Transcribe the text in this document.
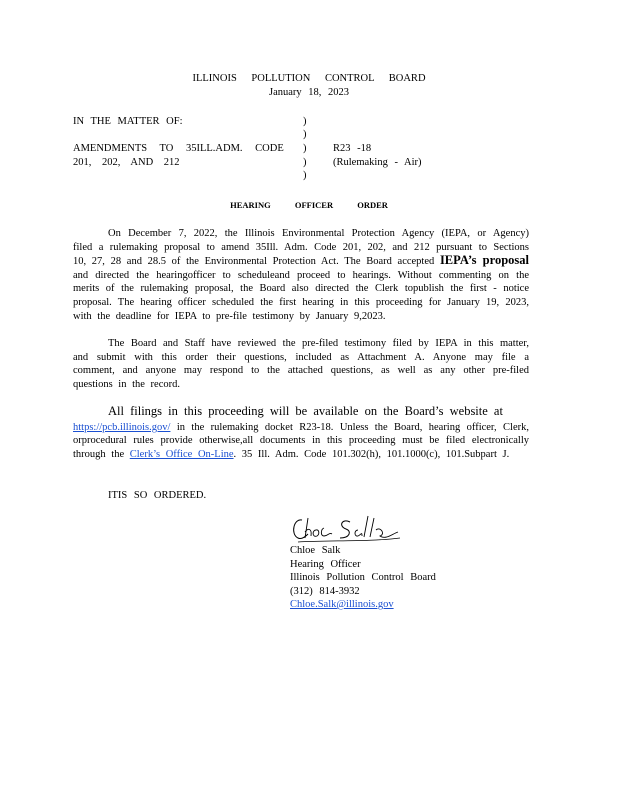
ILLINOIS POLLUTION CONTROL BOARD
January 18, 2023
IN THE MATTER OF:
AMENDMENTS TO 35ILL.ADM. CODE
201, 202, AND 212
)
)
)
)
)
R23 -18
(Rulemaking - Air)
HEARING OFFICER ORDER

On December 7, 2022, the Illinois Environmental Protection Agency (IEPA, or Agency) filed a rulemaking proposal to amend 35Ill. Adm. Code 201, 202, and 212 pursuant to Sections 10, 27, 28 and 28.5 of the Environmental Protection Act. The Board accepted IEPA’s proposal and directed the hearingofficer to scheduleand proceed to hearings. Without commenting on the merits of the rulemaking proposal, the Board also directed the Clerk topublish the first - notice proposal. The hearing officer scheduled the first hearing in this proceeding for January 19, 2023, with the deadline for IEPA to pre-file testimony by January 9,2023.

The Board and Staff have reviewed the pre-filed testimony filed by IEPA in this matter, and submit with this order their questions, included as Attachment A. Anyone may file a comment, and anyone may respond to the attached questions, as well as any other pre-filed questions in the record.

All filings in this proceeding will be available on the Board’s website at

https://pcb.illinois.gov/ in the rulemaking docket R23-18. Unless the Board, hearing officer, Clerk, orprocedural rules provide otherwise,all documents in this proceeding must be filed electronically through the Clerk’s Office On-Line. 35 Ill. Adm. Code 101.302(h), 101.1000(c), 101.Subpart J.

ITIS SO ORDERED.
Chloe Salk
Hearing Officer
Illinois Pollution Control Board
(312) 814-3932
Chloe.Salk@illinois.gov
